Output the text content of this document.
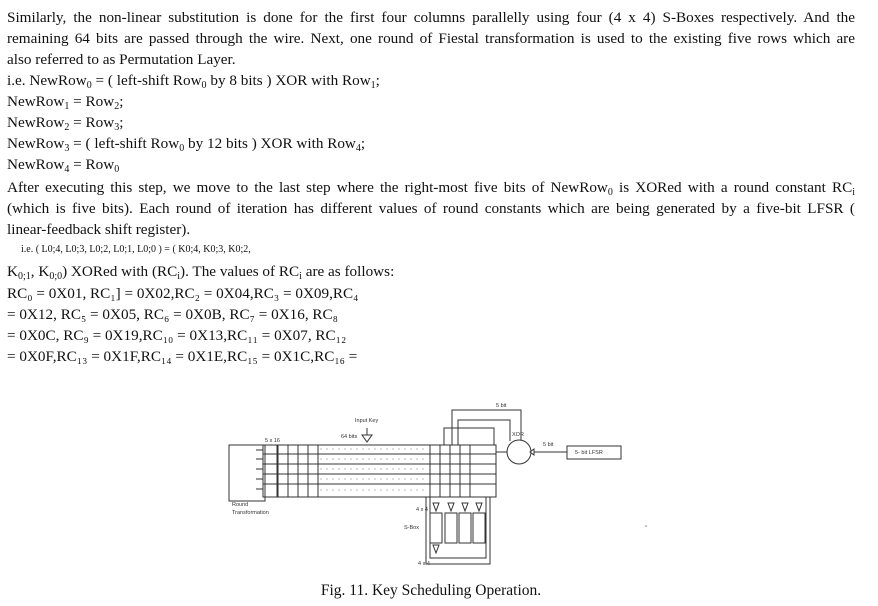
Similarly, the non-linear substitution is done for the first four columns parallelly using four (4 x 4) S-Boxes respectively. And the
remaining 64 bits are passed through the wire. Next, one round of Fiestal transformation is used to the existing five rows which are
also referred to as Permutation Layer.
i.e. NewRow$_0$ = ( left-shift Row$_0$ by 8 bits ) XOR with Row$_1$;
NewRow$_1$ = Row$_2$;
NewRow$_2$ = Row$_3$;
NewRow$_3$ = ( left-shift Row$_0$ by 12 bits ) XOR with Row$_4$;
NewRow$_4$ = Row$_0$
After executing this step, we move to the last step where the right-most five bits of NewRow$_0$ is XORed with a round constant $RC_i$
(which is five bits). Each round of iteration has different values of round constants which are being generated by a five-bit LFSR (
linear-feedback shift register).
i.e. ( L0;4, L0;3, L0;2, L0;1, L0;0 ) = ( K0;4, K0;3, K0;2,
$K_{0;1}$, $K_{0;0}$) XORed with $(RC_i)$. The values of $RC_i$ are as follows:
RC₀ = 0X01, RC₁] = 0X02,RC₂ = 0X04,RC₃ = 0X09,RC₄
= 0X12, RC₅ = 0X05, RC₆ = 0X0B, RC₇ = 0X16, RC₈
= 0X0C, RC₉ = 0X19,RC₁₀ = 0X13,RC₁₁ = 0X07, RC₁₂
= 0X0F,RC₁₃ = 0X1F,RC₁₄ = 0X1E,RC₁₅ = 0X1C,RC₁₆ =
Input Key
64 bits
5 x 16
Round
Transformation
XOR
5 bit
5 bit
5- bit LFSR
4 x 4
S-Box
4 x 4
Fig. 11. Key Scheduling Operation.
